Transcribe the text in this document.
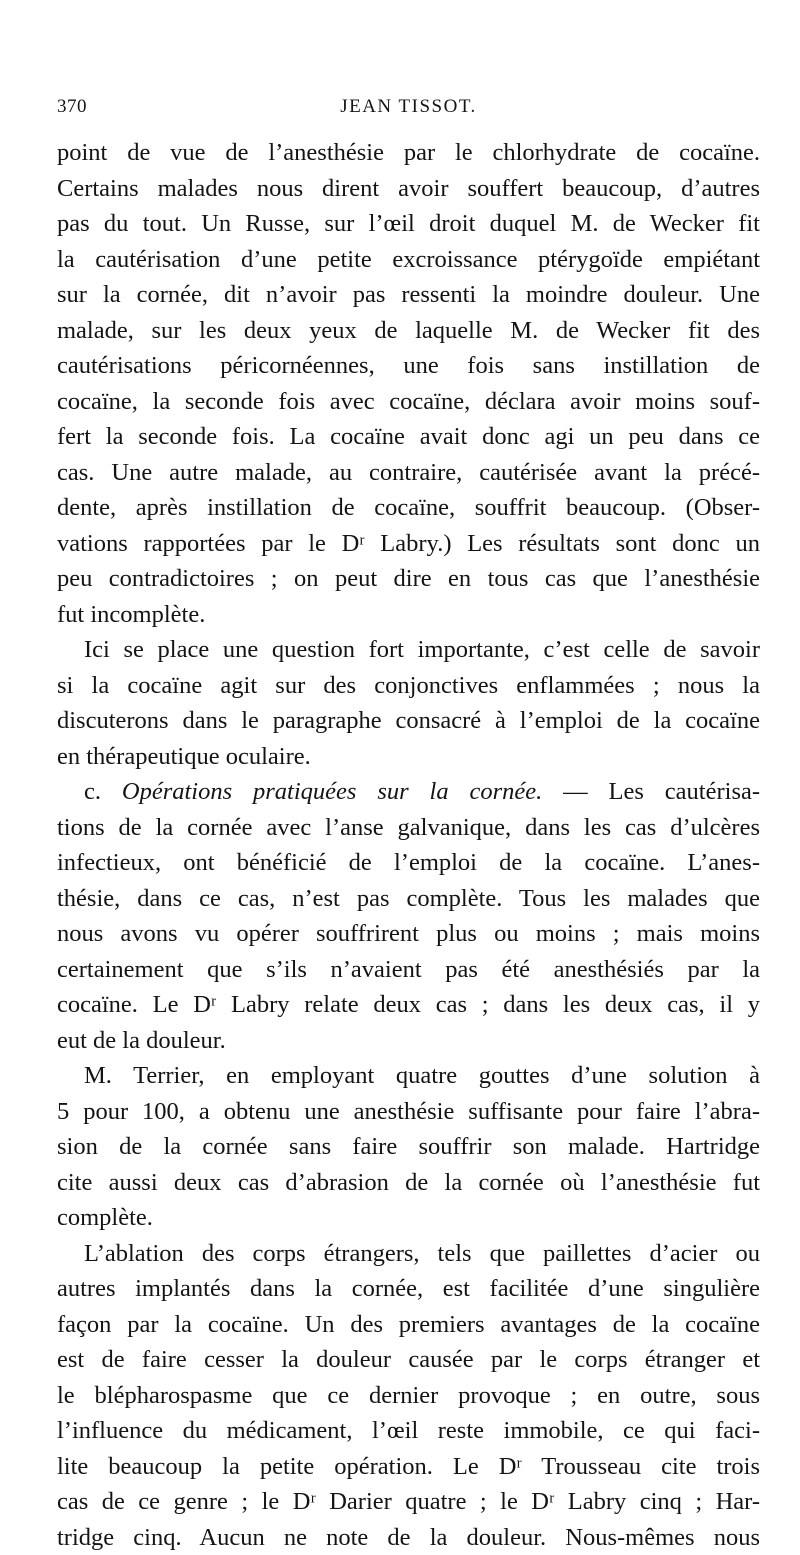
370	JEAN TISSOT.
point de vue de l’anesthésie par le chlorhydrate de cocaïne.
Certains malades nous dirent avoir souffert beaucoup, d’autres
pas du tout. Un Russe, sur l’œil droit duquel M. de Wecker fit
la cautérisation d’une petite excroissance ptérygoïde empiétant
sur la cornée, dit n’avoir pas ressenti la moindre douleur. Une
malade, sur les deux yeux de laquelle M. de Wecker fit des
cautérisations péricornéennes, une fois sans instillation de
cocaïne, la seconde fois avec cocaïne, déclara avoir moins souf-
fert la seconde fois. La cocaïne avait donc agi un peu dans ce
cas. Une autre malade, au contraire, cautérisée avant la précé-
dente, après instillation de cocaïne, souffrit beaucoup. (Obser-
vations rapportées par le Dʳ Labry.) Les résultats sont donc un
peu contradictoires ; on peut dire en tous cas que l’anesthésie
fut incomplète.
Ici se place une question fort importante, c’est celle de savoir
si la cocaïne agit sur des conjonctives enflammées ; nous la
discuterons dans le paragraphe consacré à l’emploi de la cocaïne
en thérapeutique oculaire.
c. Opérations pratiquées sur la cornée. — Les cautérisa-
tions de la cornée avec l’anse galvanique, dans les cas d’ulcères
infectieux, ont bénéficié de l’emploi de la cocaïne. L’anes-
thésie, dans ce cas, n’est pas complète. Tous les malades que
nous avons vu opérer souffrirent plus ou moins ; mais moins
certainement que s’ils n’avaient pas été anesthésiés par la
cocaïne. Le Dʳ Labry relate deux cas ; dans les deux cas, il y
eut de la douleur.
M. Terrier, en employant quatre gouttes d’une solution à
5 pour 100, a obtenu une anesthésie suffisante pour faire l’abra-
sion de la cornée sans faire souffrir son malade. Hartridge
cite aussi deux cas d’abrasion de la cornée où l’anesthésie fut
complète.
L’ablation des corps étrangers, tels que paillettes d’acier ou
autres implantés dans la cornée, est facilitée d’une singulière
façon par la cocaïne. Un des premiers avantages de la cocaïne
est de faire cesser la douleur causée par le corps étranger et
le blépharospasme que ce dernier provoque ; en outre, sous
l’influence du médicament, l’œil reste immobile, ce qui faci-
lite beaucoup la petite opération. Le Dʳ Trousseau cite trois
cas de ce genre ; le Dʳ Darier quatre ; le Dʳ Labry cinq ; Har-
tridge cinq. Aucun ne note de la douleur. Nous-mêmes nous
